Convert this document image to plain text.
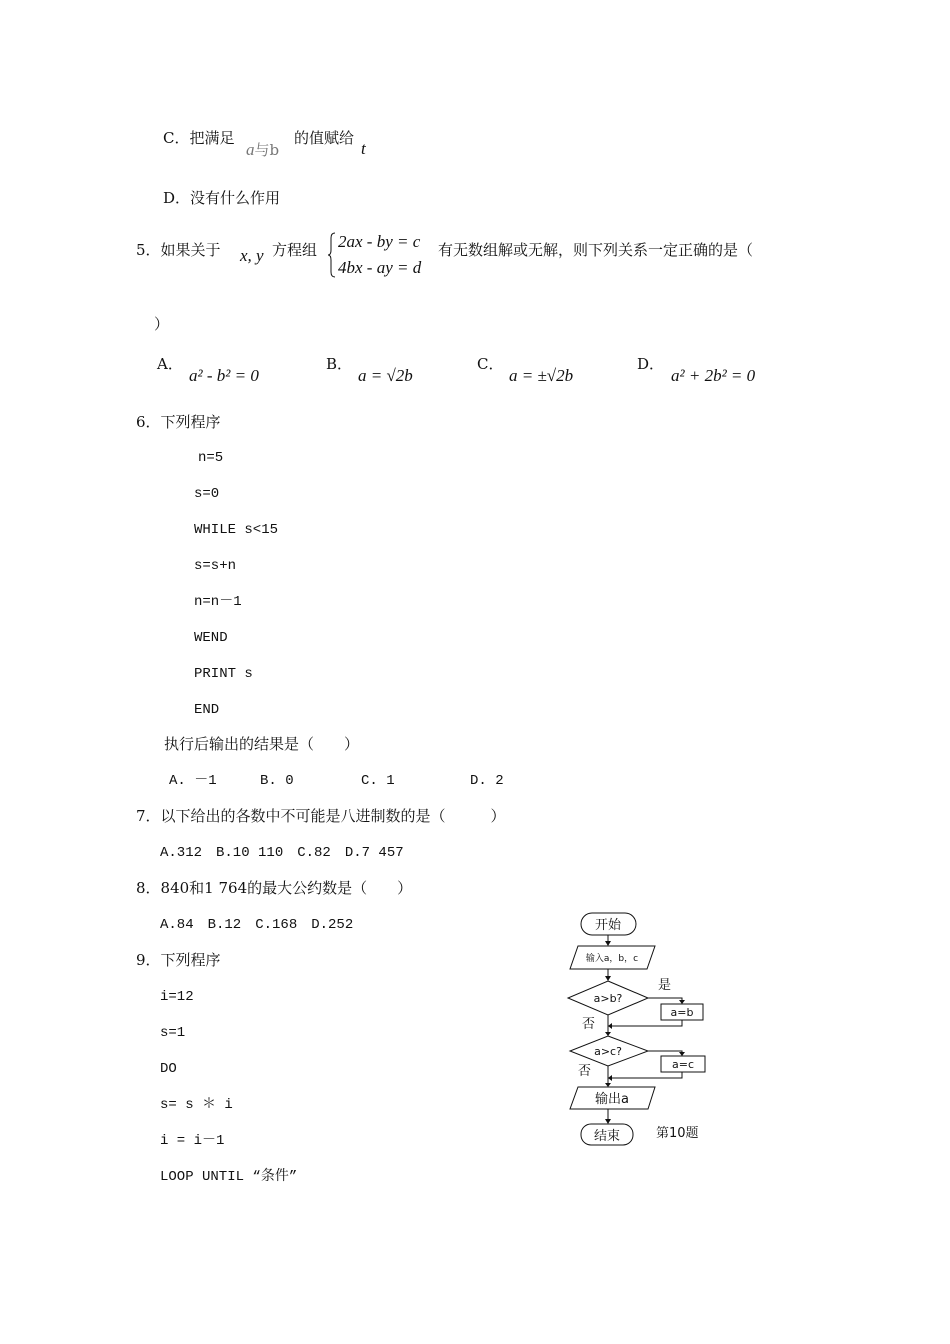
C．把满足
a与b
的值赋给
t
D．没有什么作用
5．如果关于 x, y 方程组 2ax - by = c
4bx - ay = d
有无数组解或无解，则下列关系一定正确的是（
）
A．
a² - b² = 0
B．
a = √2b
C．
a = ±√2b
D．
a² + 2b² = 0
6．下列程序
n=5
s=0
WHILE s<15
s=s+n
n=n－1
WEND
PRINT s
END
执行后输出的结果是（　　）
A. －1	B. 0	C. 1	D. 2
7．以下给出的各数中不可能是八进制数的是（　　　）
A.312　B.10 110　C.82　D.7 457
8．840和1 764的最大公约数是（　　）
A.84　B.12　C.168　D.252
9．下列程序
i=12
s=1
DO
s= s ＊ i
i = i－1
LOOP UNTIL “条件”
开始
输入a，b，c
a>b?
是
a=b
否
a>c?
a=c
否
输出a
结束	第10题
